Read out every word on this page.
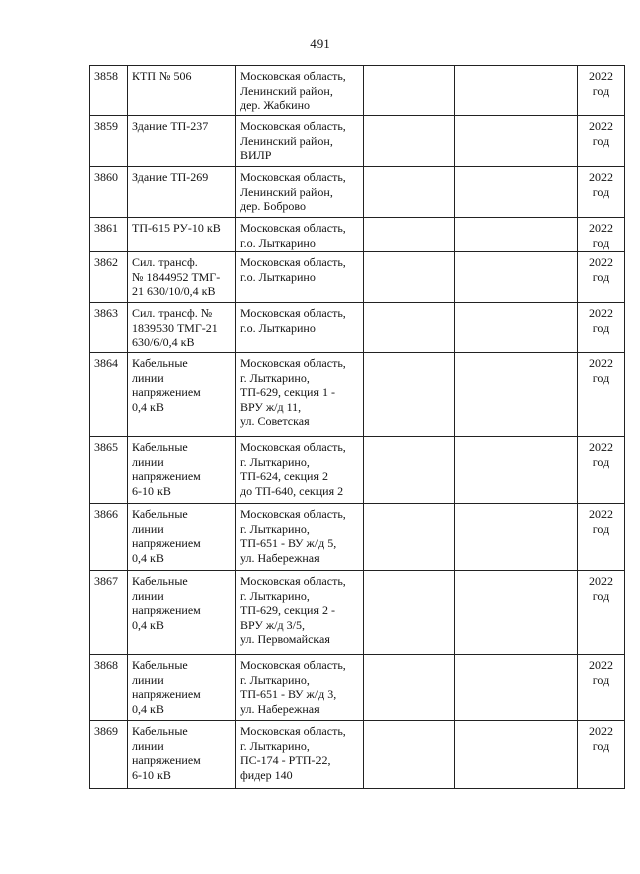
491
3858	КТП № 506	Московская область,
Ленинский район,
дер. Жабкино			2022
год
3859	Здание ТП-237	Московская область,
Ленинский район,
ВИЛР			2022
год
3860	Здание ТП-269	Московская область,
Ленинский район,
дер. Боброво			2022
год
3861	ТП-615 РУ-10 кВ	Московская область,
г.о. Лыткарино			2022
год
3862	Сил. трансф.
№ 1844952 ТМГ-
21 630/10/0,4 кВ	Московская область,
г.о. Лыткарино			2022
год
3863	Сил. трансф. №
1839530 ТМГ-21
630/6/0,4 кВ	Московская область,
г.о. Лыткарино			2022
год
3864	Кабельные
линии
напряжением
0,4 кВ	Московская область,
г. Лыткарино,
ТП-629, секция 1 -
ВРУ ж/д 11,
ул. Советская			2022
год
3865	Кабельные
линии
напряжением
6-10 кВ	Московская область,
г. Лыткарино,
ТП-624, секция 2
до ТП-640, секция 2			2022
год
3866	Кабельные
линии
напряжением
0,4 кВ	Московская область,
г. Лыткарино,
ТП-651 - ВУ ж/д 5,
ул. Набережная			2022
год
3867	Кабельные
линии
напряжением
0,4 кВ	Московская область,
г. Лыткарино,
ТП-629, секция 2 -
ВРУ ж/д 3/5,
ул. Первомайская			2022
год
3868	Кабельные
линии
напряжением
0,4 кВ	Московская область,
г. Лыткарино,
ТП-651 - ВУ ж/д 3,
ул. Набережная			2022
год
3869	Кабельные
линии
напряжением
6-10 кВ	Московская область,
г. Лыткарино,
ПС-174 - РТП-22,
фидер 140			2022
год
